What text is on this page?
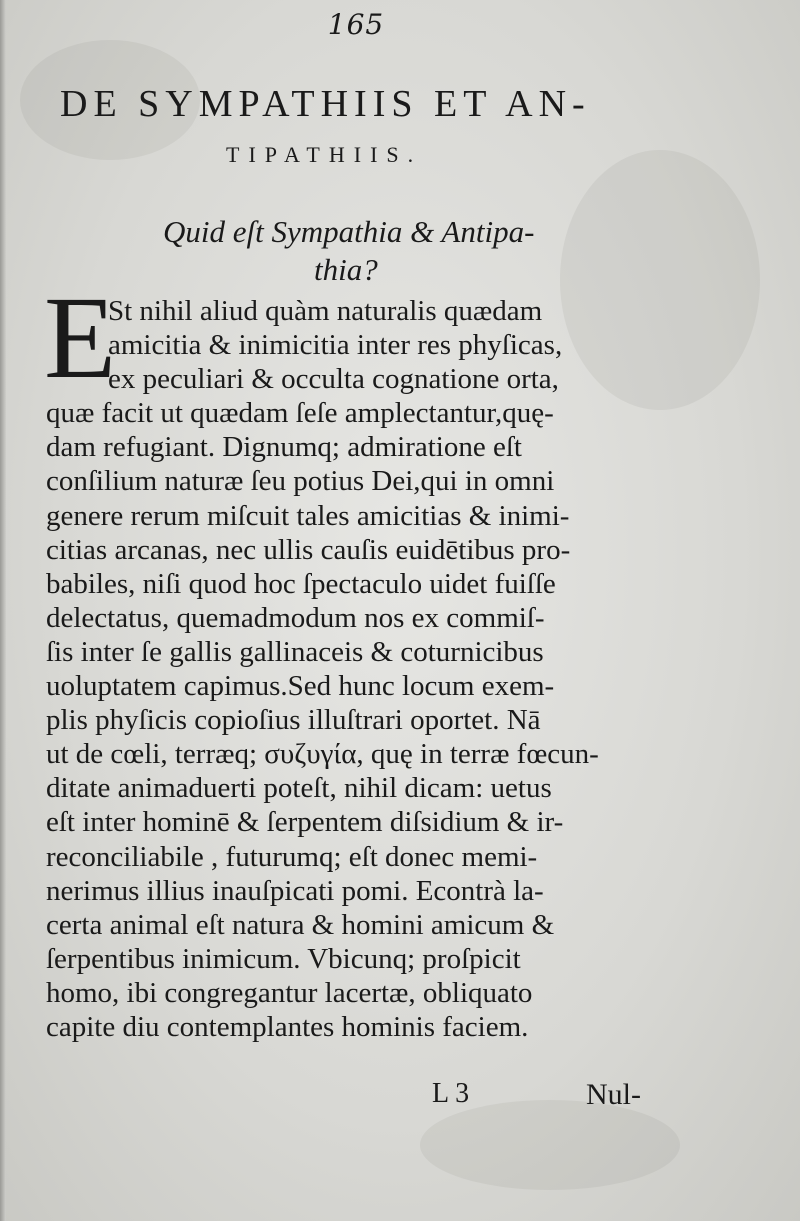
165
DE SYMPATHIIS ET AN-
TIPATHIIS.
Quid eſt Sympathia & Antipa-
thia?
E
St nihil aliud quàm naturalis quædam
amicitia & inimicitia inter res phyſicas,
ex peculiari & occulta cognatione orta,
quæ facit ut quædam ſeſe amplectantur,quę-
dam refugiant. Dignumq; admiratione eſt
conſilium naturæ ſeu potius Dei,qui in omni
genere rerum miſcuit tales amicitias & inimi-
citias arcanas, nec ullis cauſis euidētibus pro-
babiles, niſi quod hoc ſpectaculo uidet fuiſſe
delectatus, quemadmodum nos ex commiſ-
ſis inter ſe gallis gallinaceis & coturnicibus
uoluptatem capimus.Sed hunc locum exem-
plis phyſicis copioſius illuſtrari oportet. Nā
ut de cœli, terræq; συζυγία, quę in terræ fœcun-
ditate animaduerti poteſt, nihil dicam: uetus
eſt inter hominē & ſerpentem diſsidium & ir-
reconciliabile , futurumq; eſt donec memi-
nerimus illius inauſpicati pomi. Econtrà la-
certa animal eſt natura & homini amicum &
ſerpentibus inimicum. Vbicunq; proſpicit
homo, ibi congregantur lacertæ, obliquato
capite diu contemplantes hominis faciem.
L 3	Nul-
